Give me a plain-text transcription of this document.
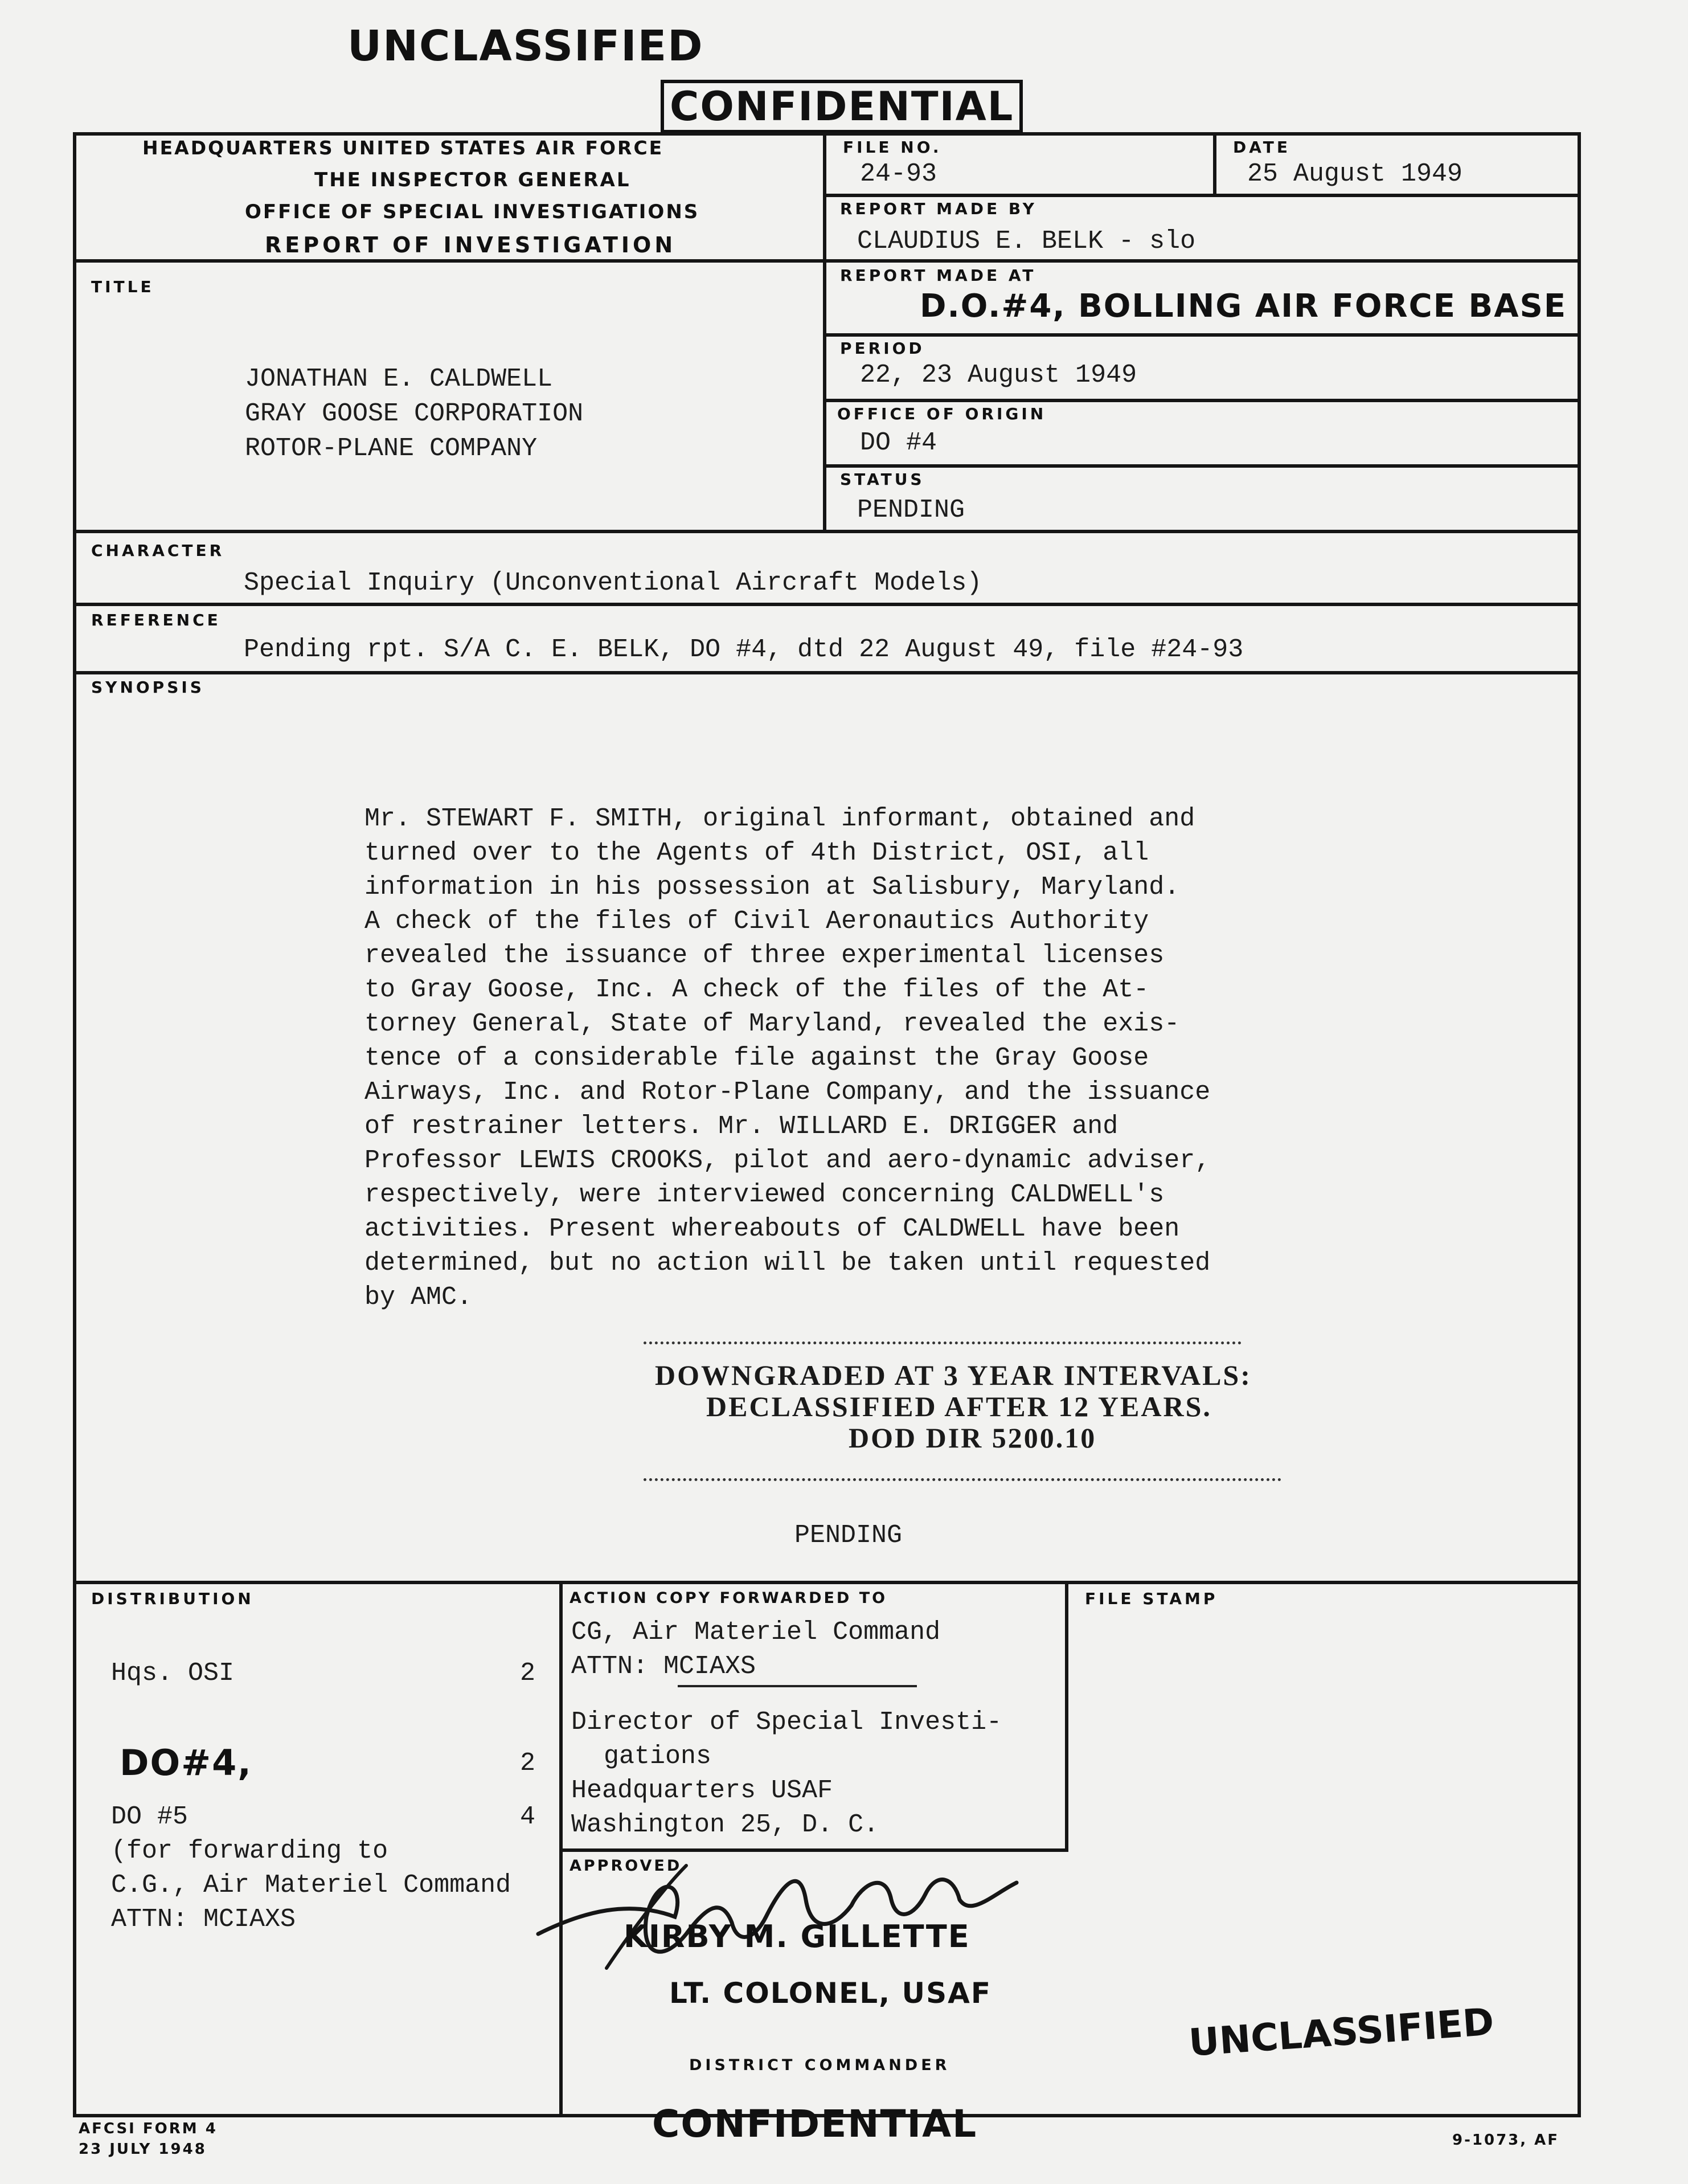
UNCLASSIFIED
CONFIDENTIAL
HEADQUARTERS UNITED STATES AIR FORCE
THE INSPECTOR GENERAL
OFFICE OF SPECIAL INVESTIGATIONS
REPORT OF INVESTIGATION
FILE NO.
24-93
DATE
25 August 1949
REPORT MADE BY
CLAUDIUS E. BELK - slo
REPORT MADE AT
D.O.#4, BOLLING AIR FORCE BASE
PERIOD
22, 23 August 1949
OFFICE OF ORIGIN
DO #4
STATUS
PENDING
TITLE
JONATHAN E. CALDWELL
GRAY GOOSE CORPORATION
ROTOR-PLANE COMPANY
CHARACTER
Special Inquiry (Unconventional Aircraft Models)
REFERENCE
Pending rpt. S/A C. E. BELK, DO #4, dtd 22 August 49, file #24-93
SYNOPSIS
Mr. STEWART F. SMITH, original informant, obtained and
turned over to the Agents of 4th District, OSI, all
information in his possession at Salisbury, Maryland.
A check of the files of Civil Aeronautics Authority
revealed the issuance of three experimental licenses
to Gray Goose, Inc. A check of the files of the At-
torney General, State of Maryland, revealed the exis-
tence of a considerable file against the Gray Goose
Airways, Inc. and Rotor-Plane Company, and the issuance
of restrainer letters. Mr. WILLARD E. DRIGGER and
Professor LEWIS CROOKS, pilot and aero-dynamic adviser,
respectively, were interviewed concerning CALDWELL's
activities. Present whereabouts of CALDWELL have been
determined, but no action will be taken until requested
by AMC.
DOWNGRADED AT 3 YEAR INTERVALS:
DECLASSIFIED AFTER 12 YEARS.
DOD DIR 5200.10
PENDING
DISTRIBUTION
Hqs. OSI	2
DO#4,	2
DO #5	4
(for forwarding to
C.G., Air Materiel Command
ATTN: MCIAXS
ACTION COPY FORWARDED TO
CG, Air Materiel Command
ATTN: MCIAXS
Director of Special Investi-
gations
Headquarters USAF
Washington 25, D. C.
APPROVED
KIRBY M. GILLETTE
LT. COLONEL, USAF
DISTRICT COMMANDER
FILE STAMP
UNCLASSIFIED
AFCSI FORM 4
23 JULY 1948
CONFIDENTIAL	9-1073, AF
